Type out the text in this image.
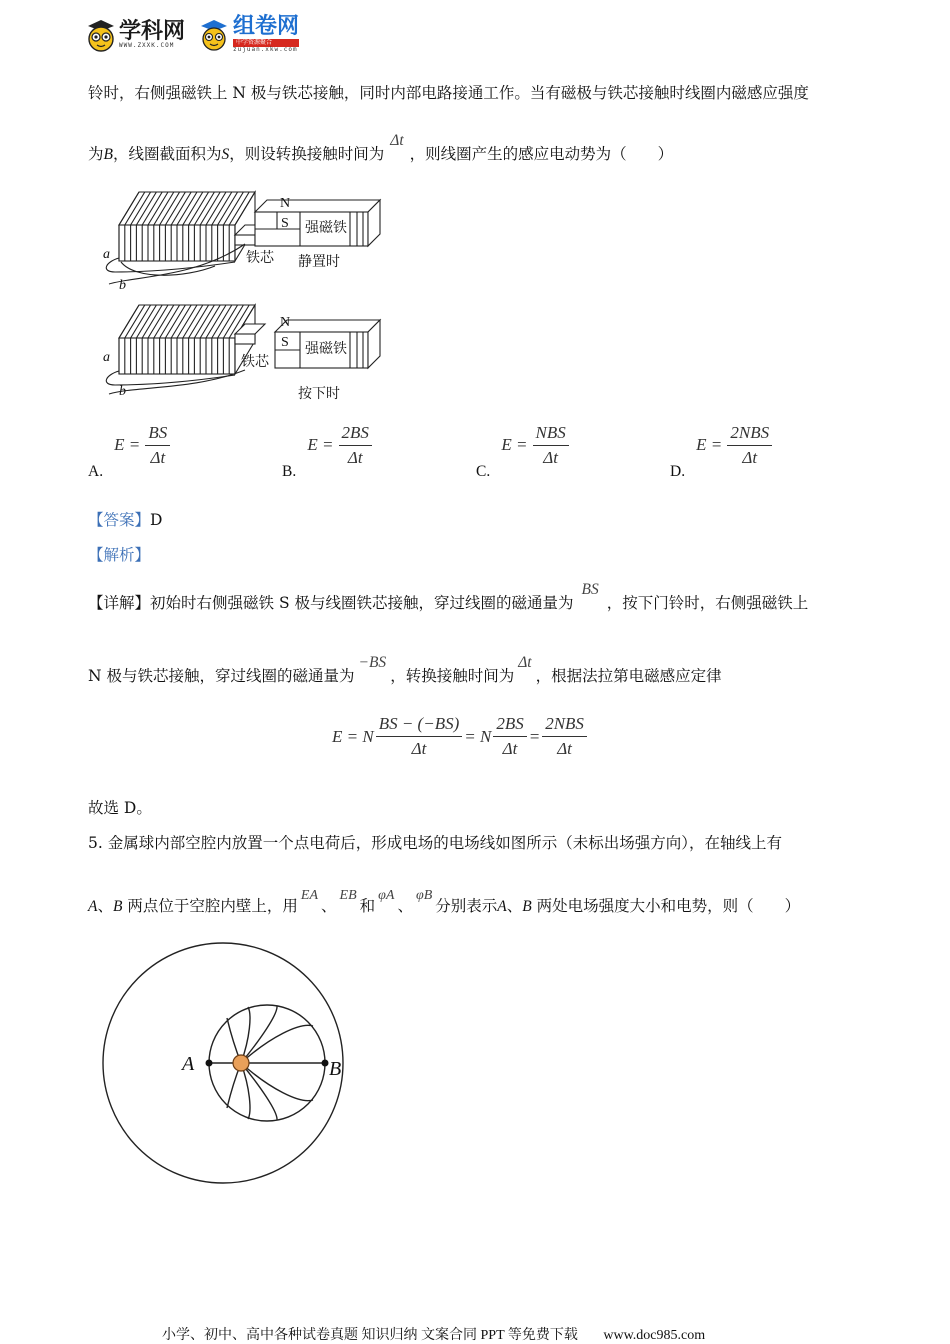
学科网
WWW.ZXXK.COM
组卷网
中学资源聚合
zujuan.xkw.com
铃时，右侧强磁铁上 N 极与铁芯接触，同时内部电路接通工作。当有磁极与铁芯接触时线圈内磁感应强度
为B，线圈截面积为S，则设转换接触时间为Δt，则线圈产生的感应电动势为（　　）
N
S
a
b
N
S
a
b
强磁铁
铁芯 静置时
强磁铁
铁芯
按下时
A. $E = \frac{BS}{\Delta t}$
B. $E = \frac{2BS}{\Delta t}$
C. $E = \frac{\text{NBS}}{\Delta t}$
D. $E = \frac{\text{2NBS}}{\Delta t}$
【答案】D
【解析】
【详解】初始时右侧强磁铁 S 极与线圈铁芯接触，穿过线圈的磁通量为BS，按下门铃时，右侧强磁铁上
N 极与铁芯接触，穿过线圈的磁通量为−BS，转换接触时间为Δt，根据法拉第电磁感应定律
E = N $\frac{BS - (-BS)}{\Delta t} = N \frac{2BS}{\Delta t} = \frac{\text{2NBS}}{\Delta t}$
故选 D。
5. 金属球内部空腔内放置一个点电荷后，形成电场的电场线如图所示（未标出场强方向），在轴线上有
A、B 两点位于空腔内壁上，用EA、EB和φA、φB分别表示A、B 两处电场强度大小和电势，则（　　）
A	B
小学、初中、高中各种试卷真题 知识归纳 文案合同 PPT 等免费下载 www.doc985.com
